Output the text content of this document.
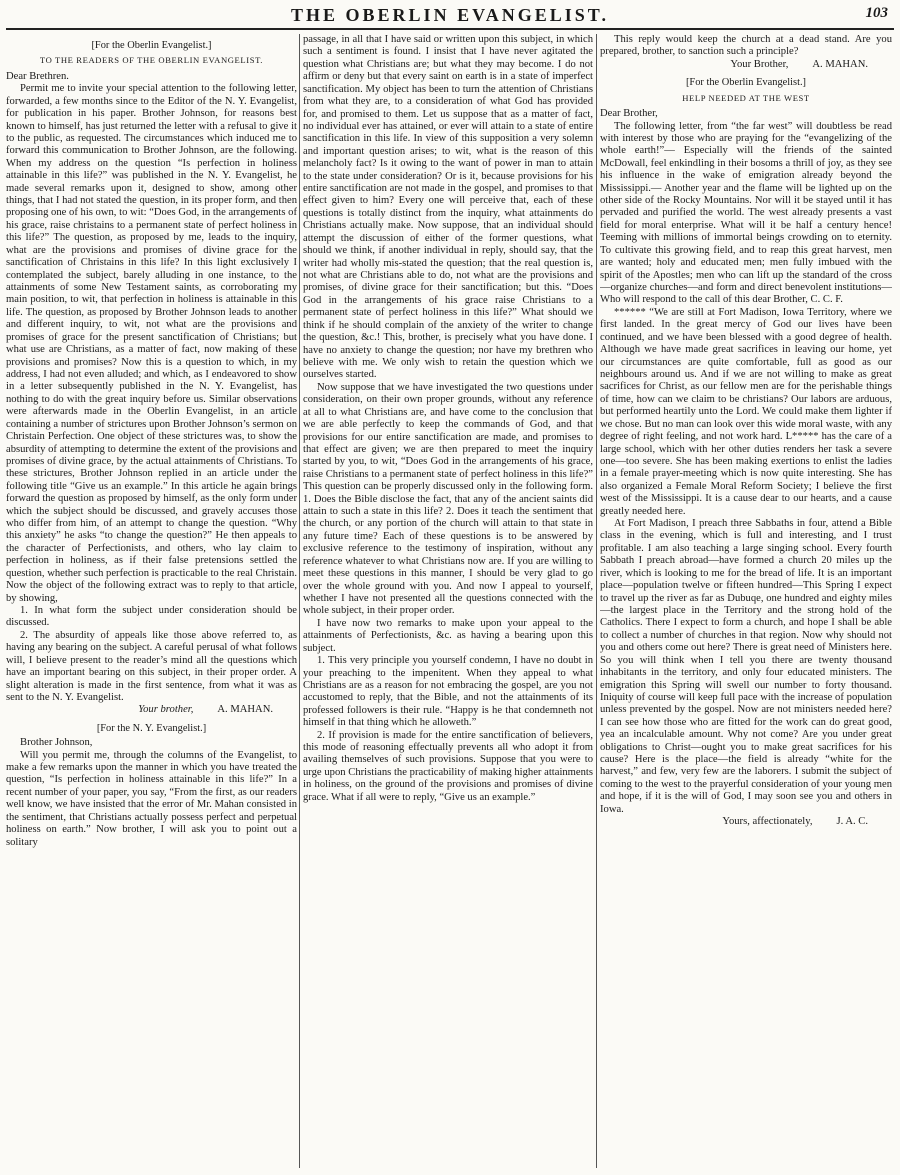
THE OBERLIN EVANGELIST.	103

[For the Oberlin Evangelist.]

TO THE READERS OF THE OBERLIN EVANGELIST.

Dear Brethren.

Permit me to invite your special attention to the following letter, forwarded, a few months since to the Editor of the N. Y. Evangelist, for publication in his paper. Brother Johnson, for reasons best known to himself, has just returned the letter with a refusal to give it to the public, as requested. The circumstances which induced me to forward this communication to Brother Johnson, are the following. When my address on the question “Is perfection in holiness attainable in this life?” was published in the N. Y. Evangelist, he made several remarks upon it, designed to show, among other things, that I had not stated the question, in its proper form, and then proposing one of his own, to wit: “Does God, in the arrangements of his grace, raise christains to a permanent state of perfect holiness in this life?” The question, as proposed by me, leads to the inquiry, what are the provisions and promises of divine grace for the sanctification of Christains in this life? In this light exclusively I contemplated the subject, barely alluding in one instance, to the attainments of some New Testament saints, as corroborating my main position, to wit, that perfection in holiness is attainable in this life. The question, as proposed by Brother Johnson leads to another and different inquiry, to wit, not what are the provisions and promises of grace for the present sanctification of Christians; but what use are Christians, as a matter of fact, now making of these provisions and promises? Now this is a question to which, in my address, I had not even alluded; and which, as I endeavored to show in a letter subsequently published in the N. Y. Evangelist, has nothing to do with the great inquiry before us. Similar observations were afterwards made in the Oberlin Evangelist, in an article containing a number of strictures upon Brother Johnson’s sermon on Christain Perfection. One object of these strictures was, to show the absurdity of attempting to determine the extent of the provisions and promises of divine grace, by the actual attainments of Christians. To these strictures, Brother Johnson replied in an article under the following title “Give us an example.” In this article he again brings forward the question as proposed by himself, as the only form under which the subject should be discussed, and gravely accuses those who differ from him, of an attempt to change the question. “Why this anxiety” he asks “to change the question?” He then appeals to the character of Perfectionists, and others, who lay claim to perfection in holiness, as if their false pretensions settled the question, whether such perfection is practicable to the real Christain. Now the object of the following extract was to reply to that article, by showing,

1. In what form the subject under consideration should be discussed.

2. The absurdity of appeals like those above referred to, as having any bearing on the subject. A careful perusal of what follows will, I believe present to the reader’s mind all the questions which have an important bearing on this subject, in their proper order. A slight alteration is made in the first sentence, from what it was as sent to the N. Y. Evangelist.

Your brother, A. MAHAN.

[For the N. Y. Evangelist.]

Brother Johnson,

Will you permit me, through the columns of the Evangelist, to make a few remarks upon the manner in which you have treated the question, “Is perfection in holiness attainable in this life?” In a recent number of your paper, you say, “From the first, as our readers well know, we have insisted that the error of Mr. Mahan consisted in the sentiment, that Christians actually possess perfect and perpetual holiness on earth.” Now brother, I will ask you to point out a solitary

passage, in all that I have said or written upon this subject, in which such a sentiment is found. I insist that I have never agitated the question what Christians are; but what they may become. I do not affirm or deny but that every saint on earth is in a state of imperfect sanctification. My object has been to turn the attention of Christians from what they are, to a consideration of what God has provided for, and promised to them. Let us suppose that as a matter of fact, no individual ever has attained, or ever will attain to a state of entire sanctification in this life. In view of this supposition a very solemn and important question arises; to wit, what is the reason of this melancholy fact? Is it owing to the want of power in man to attain to the state under consideration? Or is it, because provisions for his entire sanctification are not made in the gospel, and promises to that effect given to him? Every one will perceive that, each of these questions is totally distinct from the inquiry, what attainments do Christians actually make. Now suppose, that an individual should attempt the discussion of either of the former questions, what should we think, if another individual in reply, should say, that the writer had wholly mis-stated the question; that the real question is, not what are Christians able to do, not what are the provisions and promises, of divine grace for their sanctification; but this. “Does God in the arrangements of his grace raise Christians to a permanent state of perfect holiness in this life?” What should we think if he should complain of the anxiety of the writer to change the question, &c.! This, brother, is precisely what you have done. I have no anxiety to change the question; nor have my brethren who believe with me. We only wish to retain the question which we ourselves started.

Now suppose that we have investigated the two questions under consideration, on their own proper grounds, without any reference at all to what Christians are, and have come to the conclusion that we are able perfectly to keep the commands of God, and that provisions for our entire sanctification are made, and promises to that effect are given; we are then prepared to meet the inquiry started by you, to wit, “Does God in the arrangements of his grace, raise Christians to a permanent state of perfect holiness in this life?” This question can be properly discussed only in the following form. 1. Does the Bible disclose the fact, that any of the ancient saints did attain to such a state in this life? 2. Does it teach the sentiment that the church, or any portion of the church will attain to that state in any future time? Each of these questions is to be answered by exclusive reference to the testimony of inspiration, without any reference whatever to what Christians now are. If you are willing to meet these questions in this manner, I should be very glad to go over the whole ground with you. And now I appeal to yourself, whether I have not presented all the questions connected with the whole subject, in their proper order.

I have now two remarks to make upon your appeal to the attainments of Perfectionists, &c. as having a bearing upon this subject.

1. This very principle you yourself condemn, I have no doubt in your preaching to the impenitent. When they appeal to what Christians are as a reason for not embracing the gospel, are you not accustomed to reply, that the Bible, and not the attainments of its professed followers is their rule. “Happy is he that condemneth not himself in that thing which he alloweth.”

2. If provision is made for the entire sanctification of believers, this mode of reasoning effectually prevents all who adopt it from availing themselves of such provisions. Suppose that you were to urge upon Christians the practicability of making higher attainments in holiness, on the ground of the provisions and promises of divine grace. What if all were to reply, “Give us an example.”

This reply would keep the church at a dead stand. Are you prepared, brother, to sanction such a principle?

Your Brother, A. MAHAN.

[For the Oberlin Evangelist.]

HELP NEEDED AT THE WEST

Dear Brother,

The following letter, from “the far west” will doubtless be read with interest by those who are praying for the “evangelizing of the whole earth!”— Especially will the friends of the sainted McDowall, feel enkindling in their bosoms a thrill of joy, as they see his influence in the wake of emigration already beyond the Mississippi.— Another year and the flame will be lighted up on the other side of the Rocky Mountains. Nor will it be stayed until it has pervaded and purified the world. The west already presents a vast field for moral enterprise. What will it be half a century hence! Teeming with millions of immortal beings crowding on to eternity. To cultivate this growing field, and to reap this great harvest, men are wanted; holy and educated men; men fully imbued with the spirit of the Apostles; men who can lift up the standard of the cross—organize churches—and form and direct benevolent institutions—Who will respond to the call of this dear Brother, C. C. F.

****** “We are still at Fort Madison, Iowa Territory, where we first landed. In the great mercy of God our lives have been continued, and we have been blessed with a good degree of health. Although we have made great sacrifices in leaving our home, yet our circumstances are quite comfortable, full as good as our neighbours around us. And if we are not willing to make as great sacrifices for Christ, as our fellow men are for the perishable things of time, how can we claim to be christians? Our labors are arduous, but performed heartily unto the Lord. We could make them lighter if we chose. But no man can look over this wide moral waste, with any degree of right feeling, and not work hard. L***** has the care of a large school, which with her other duties renders her task a severe one—too severe. She has been making exertions to enlist the ladies in a female prayer-meeting which is now quite interesting. She has also organized a Female Moral Reform Society; I believe the first west of the Mississippi. It is a cause dear to our hearts, and a cause greatly needed here.

At Fort Madison, I preach three Sabbaths in four, attend a Bible class in the evening, which is full and interesting, and I trust profitable. I am also teaching a large singing school. Every fourth Sabbath I preach abroad—have formed a church 20 miles up the river, which is looking to me for the bread of life. It is an important place—population twelve or fifteen hundred—This Spring I expect to travel up the river as far as Dubuqe, one hundred and eighty miles—the largest place in the Territory and the strong hold of the Catholics. There I expect to form a church, and hope I shall be able to collect a number of churches in that region. Now why should not you and others come out here? There is great need of Ministers here. So you will think when I tell you there are twenty thousand inhabitants in the territory, and only four educated ministers. The emigration this Spring will swell our number to forty thousand. Iniquity of course will keep full pace with the increase of population unless prevented by the gospel. Now are not ministers needed here? I can see how those who are fitted for the work can do great good, yea an incalculable amount. Why not come? Are you under great obligations to Christ—ought you to make great sacrifices for his cause? Here is the place—the field is already “white for the harvest,” and few, very few are the laborers. I submit the subject of coming to the west to the prayerful consideration of your young men and hope, if it is the will of God, I may soon see you and others in Iowa.

Yours, affectionately, J. A. C.
